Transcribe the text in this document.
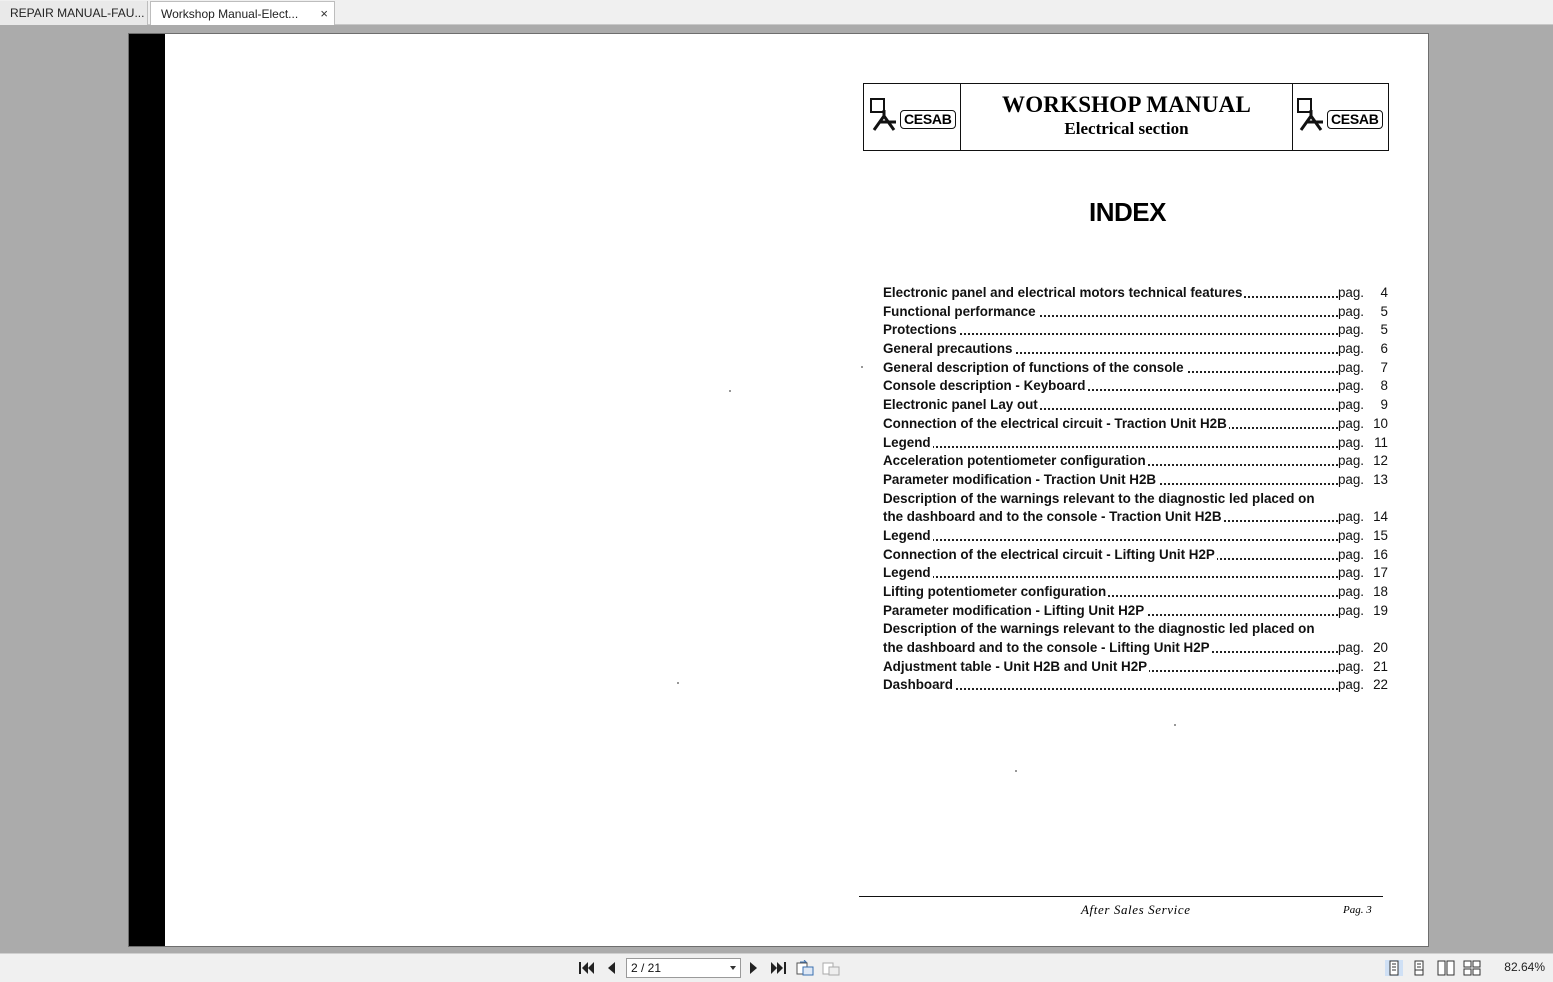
REPAIR MANUAL-FAU...	Workshop Manual-Elect... ×
CESAB
WORKSHOP MANUAL
Electrical section	CESAB
INDEX
Electronic panel and electrical motors technical features	pag.	4
Functional performance	pag.	5
Protections	pag.	5
General precautions	pag.	6
General description of functions of the console	pag.	7
Console description - Keyboard	pag.	8
Electronic panel Lay out	pag.	9
Connection of the electrical circuit - Traction Unit H2B	pag. 10
Legend	pag. 11
Acceleration potentiometer configuration	pag. 12
Parameter modification - Traction Unit H2B	pag. 13
Description of the warnings relevant to the diagnostic led placed on
the dashboard and to the console - Traction Unit H2B	pag. 14
Legend	pag. 15
Connection of the electrical circuit - Lifting Unit H2P	pag. 16
Legend	pag. 17
Lifting potentiometer configuration	pag. 18
Parameter modification - Lifting Unit H2P	pag. 19
Description of the warnings relevant to the diagnostic led placed on
the dashboard and to the console - Lifting Unit H2P	pag. 20
Adjustment table - Unit H2B and Unit H2P	pag. 21
Dashboard	pag. 22
After Sales Service	Pag. 3
2 / 21	82.64%
